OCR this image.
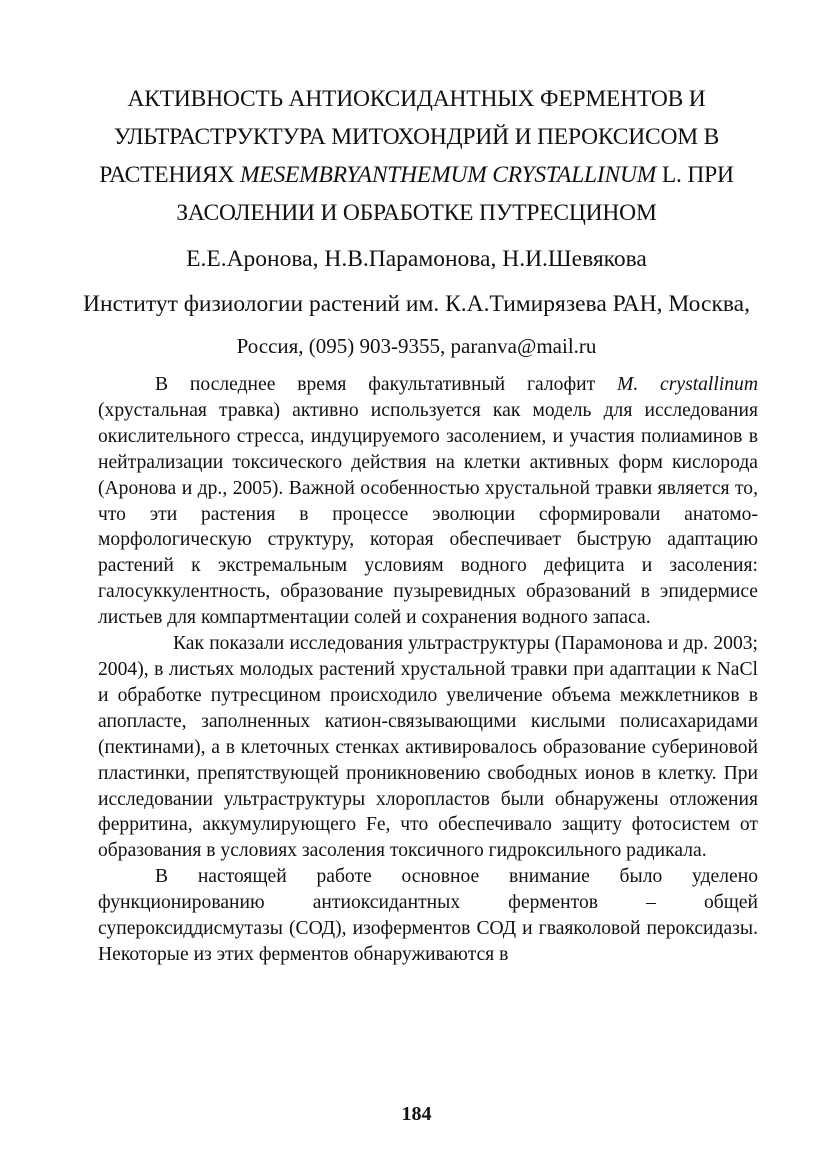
АКТИВНОСТЬ АНТИОКСИДАНТНЫХ ФЕРМЕНТОВ И
УЛЬТРАСТРУКТУРА МИТОХОНДРИЙ И ПЕРОКСИСОМ В
РАСТЕНИЯХ MESEMBRYANTHEMUM CRYSTALLINUM L. ПРИ
ЗАСОЛЕНИИ И ОБРАБОТКЕ ПУТРЕСЦИНОМ

Е.Е.Аронова, Н.В.Парамонова, Н.И.Шевякова

Институт физиологии растений им. К.А.Тимирязева РАН, Москва,
Россия, (095) 903-9355, paranva@mail.ru

В последнее время факультативный галофит M. crystallinum (хрустальная травка) активно используется как модель для исследования окислительного стресса, индуцируемого засолением, и участия полиаминов в нейтрализации токсического действия на клетки активных форм кислорода (Аронова и др., 2005). Важной особенностью хрустальной травки является то, что эти растения в процессе эволюции сформировали анатомо-морфологическую структуру, которая обеспечивает быструю адаптацию растений к экстремальным условиям водного дефицита и засоления: галосуккулентность, образование пузыревидных образований в эпидермисе листьев для компартментации солей и сохранения водного запаса.

Как показали исследования ультраструктуры (Парамонова и др. 2003; 2004), в листьях молодых растений хрустальной травки при адаптации к NaCl и обработке путресцином происходило увеличение объема межклетников в апопласте, заполненных катион-связывающими кислыми полисахаридами (пектинами), а в клеточных стенках активировалось образование субериновой пластинки, препятствующей проникновению свободных ионов в клетку. При исследовании ультраструктуры хлоропластов были обнаружены отложения ферритина, аккумулирующего Fe, что обеспечивало защиту фотосистем от образования в условиях засоления токсичного гидроксильного радикала.

В настоящей работе основное внимание было уделено функционированию антиоксидантных ферментов – общей супероксиддисмутазы (СОД), изоферментов СОД и гваяколовой пероксидазы. Некоторые из этих ферментов обнаруживаются в

184
